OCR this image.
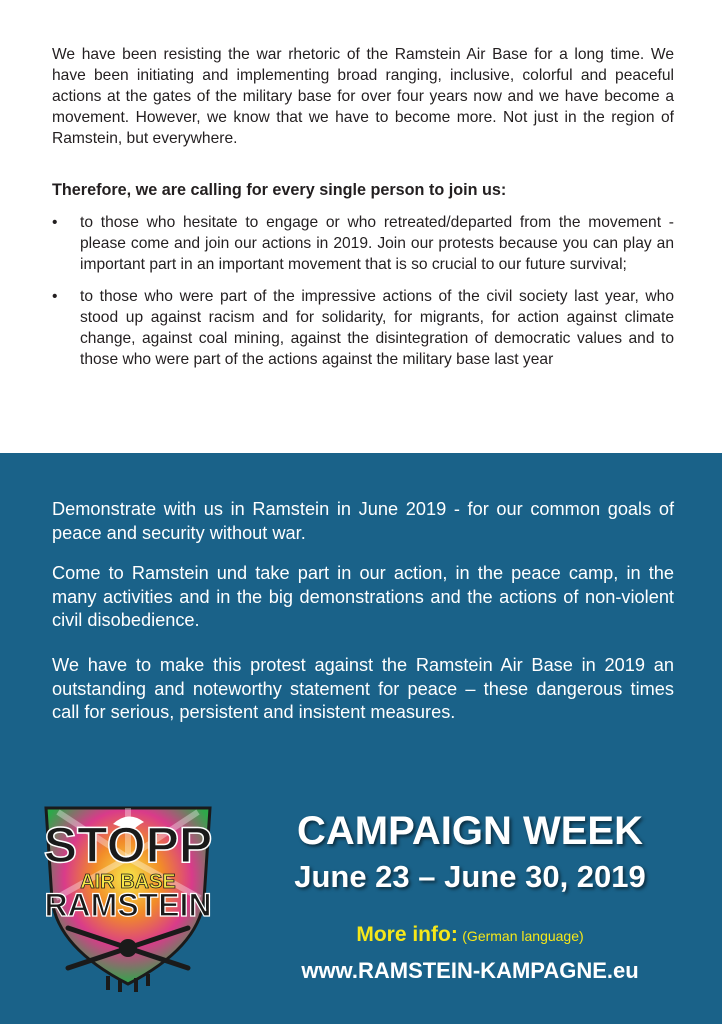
We have been resisting the war rhetoric of the Ramstein Air Base for a long time. We have been initiating and implementing broad ranging, inclusive, colorful and peaceful actions at the gates of the military base for over four years now and we have become a movement. However, we know that we have to become more. Not just in the region of Ramstein, but everywhere.

Therefore, we are calling for every single person to join us:

• to those who hesitate to engage or who retreated/departed from the movement - please come and join our actions in 2019. Join our protests because you can play an important part in an important movement that is so crucial to our future survival;
• to those who were part of the impressive actions of the civil society last year, who stood up against racism and for solidarity, for migrants, for action against climate change, against coal mining, against the disintegration of democratic values and to those who were part of the actions against the military base last year

Demonstrate with us in Ramstein in June 2019 - for our common goals of peace and security without war.

Come to Ramstein und take part in our action, in the peace camp, in the many activities and in the big demonstrations and the actions of non-violent civil disobedience.

We have to make this protest against the Ramstein Air Base in 2019 an outstanding and noteworthy statement for peace – these dangerous times call for serious, persistent and insistent measures.

STOPP
AIR BASE
RAMSTEIN

CAMPAIGN WEEK

June 23 – June 30, 2019

More info: (German language)

www.RAMSTEIN-KAMPAGNE.eu
